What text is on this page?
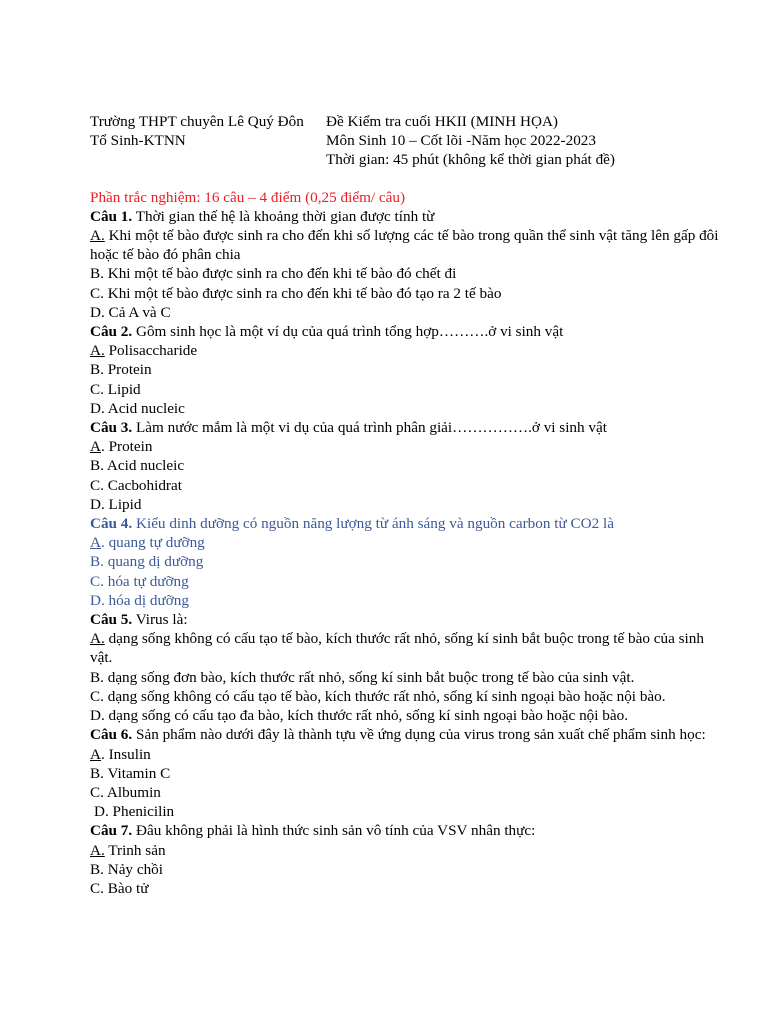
Trường THPT chuyên Lê Quý Đôn
Tổ Sinh-KTNN
Đề Kiểm tra cuối HKII (MINH HỌA)
Môn Sinh 10 – Cốt lõi -Năm học 2022-2023
Thời gian: 45 phút (không kể thời gian phát đề)
Phần trắc nghiệm: 16 câu – 4 điểm (0,25 điểm/ câu)
Câu 1. Thời gian thế hệ là khoảng thời gian được tính từ
A. Khi một tế bào được sinh ra cho đến khi số lượng các tế bào trong quần thể sinh vật tăng lên gấp đôi hoặc tế bào đó phân chia
B. Khi một tế bào được sinh ra cho đến khi tế bào đó chết đi
C. Khi một tế bào được sinh ra cho đến khi tế bào đó tạo ra 2 tế bào
D. Cả A và C
Câu 2. Gôm sinh học là một ví dụ của quá trình tổng hợp……….ở vi sinh vật
A. Polisaccharide
B. Protein
C. Lipid
D. Acid nucleic
Câu 3. Làm nước mắm là một vi dụ của quá trình phân giải…………….ở vi sinh vật
A. Protein
B. Acid nucleic
C. Cacbohidrat
D. Lipid
Câu 4. Kiểu dinh dưỡng có nguồn năng lượng từ ánh sáng và nguồn carbon từ CO2 là
A. quang tự dưỡng
B. quang dị dưỡng
C. hóa tự dưỡng
D. hóa dị dưỡng
Câu 5. Virus là:
A. dạng sống không có cấu tạo tế bào, kích thước rất nhỏ, sống kí sinh bắt buộc trong tế bào của sinh vật.
B. dạng sống đơn bào, kích thước rất nhỏ, sống kí sinh bắt buộc trong tế bào của sinh vật.
C. dạng sống không có cấu tạo tế bào, kích thước rất nhỏ, sống kí sinh ngoại bào hoặc nội bào.
D. dạng sống có cấu tạo đa bào, kích thước rất nhỏ, sống kí sinh ngoại bào hoặc nội bào.
Câu 6. Sản phẩm nào dưới đây là thành tựu về ứng dụng của virus trong sản xuất chế phẩm sinh học:
A. Insulin
B. Vitamin C
C. Albumin
D. Phenicilin
Câu 7. Đâu không phải là hình thức sinh sản vô tính của VSV nhân thực:
A. Trinh sản
B. Nảy chồi
C. Bào tử
